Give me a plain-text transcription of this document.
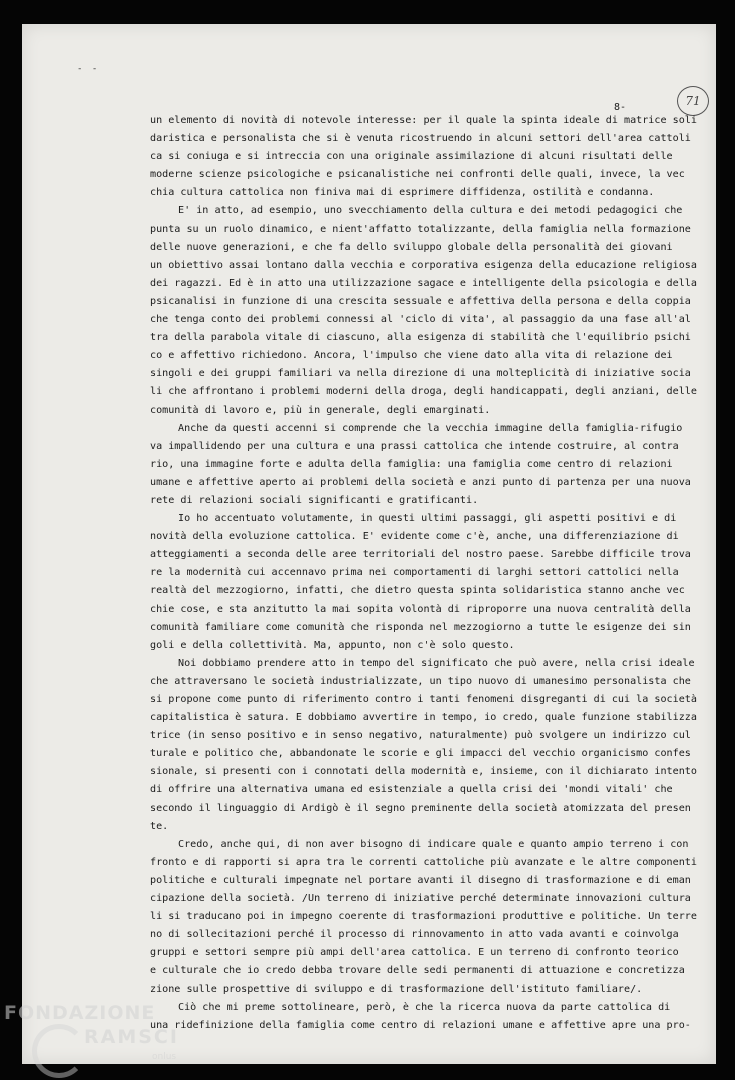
- -
71
8-
un elemento di novità di notevole interesse: per il quale la spinta ideale di matrice soli
daristica e personalista che si è venuta ricostruendo in alcuni settori dell'area cattoli
ca si coniuga e si intreccia con una originale assimilazione di alcuni risultati delle
moderne scienze psicologiche e psicanalistiche nei confronti delle quali, invece, la vec
chia cultura cattolica non finiva mai di esprimere diffidenza, ostilità e condanna.
E' in atto, ad esempio, uno svecchiamento della cultura e dei metodi pedagogici che
punta su un ruolo dinamico, e nient'affatto totalizzante, della famiglia nella formazione
delle nuove generazioni, e che fa dello sviluppo globale della personalità dei giovani
un obiettivo assai lontano dalla vecchia e corporativa esigenza della educazione religiosa
dei ragazzi. Ed è in atto una utilizzazione sagace e intelligente della psicologia e della
psicanalisi in funzione di una crescita sessuale e affettiva della persona e della coppia
che tenga conto dei problemi connessi al 'ciclo di vita', al passaggio da una fase all'al
tra della parabola vitale di ciascuno, alla esigenza di stabilità che l'equilibrio psichi
co e affettivo richiedono. Ancora, l'impulso che viene dato alla vita di relazione dei
singoli e dei gruppi familiari va nella direzione di una molteplicità di iniziative socia
li che affrontano i problemi moderni della droga, degli handicappati, degli anziani, delle
comunità di lavoro e, più in generale, degli emarginati.
Anche da questi accenni si comprende che la vecchia immagine della famiglia-rifugio
va impallidendo per una cultura e una prassi cattolica che intende costruire, al contra
rio, una immagine forte e adulta della famiglia: una famiglia come centro di relazioni
umane e affettive aperto ai problemi della società e anzi punto di partenza per una nuova
rete di relazioni sociali significanti e gratificanti.
Io ho accentuato volutamente, in questi ultimi passaggi, gli aspetti positivi e di
novità della evoluzione cattolica. E' evidente come c'è, anche, una differenziazione di
atteggiamenti a seconda delle aree territoriali del nostro paese. Sarebbe difficile trova
re la modernità cui accennavo prima nei comportamenti di larghi settori cattolici nella
realtà del mezzogiorno, infatti, che dietro questa spinta solidaristica stanno anche vec
chie cose, e sta anzitutto la mai sopita volontà di riproporre una nuova centralità della
comunità familiare come comunità che risponda nel mezzogiorno a tutte le esigenze dei sin
goli e della collettività. Ma, appunto, non c'è solo questo.
Noi dobbiamo prendere atto in tempo del significato che può avere, nella crisi ideale
che attraversano le società industrializzate, un tipo nuovo di umanesimo personalista che
si propone come punto di riferimento contro i tanti fenomeni disgreganti di cui la società
capitalistica è satura. E dobbiamo avvertire in tempo, io credo, quale funzione stabilizza
trice (in senso positivo e in senso negativo, naturalmente) può svolgere un indirizzo cul
turale e politico che, abbandonate le scorie e gli impacci del vecchio organicismo confes
sionale, si presenti con i connotati della modernità e, insieme, con il dichiarato intento
di offrire una alternativa umana ed esistenziale a quella crisi dei 'mondi vitali' che
secondo il linguaggio di Ardigò è il segno preminente della società atomizzata del presen
te.
Credo, anche qui, di non aver bisogno di indicare quale e quanto ampio terreno i con
fronto e di rapporti si apra tra le correnti cattoliche più avanzate e le altre componenti
politiche e culturali impegnate nel portare avanti il disegno di trasformazione e di eman
cipazione della società. /Un terreno di iniziative perché determinate innovazioni cultura
li si traducano poi in impegno coerente di trasformazioni produttive e politiche. Un terre
no di sollecitazioni perché il processo di rinnovamento in atto vada avanti e coinvolga
gruppi e settori sempre più ampi dell'area cattolica. E un terreno di confronto teorico
e culturale che io credo debba trovare delle sedi permanenti di attuazione e concretizza
zione sulle prospettive di sviluppo e di trasformazione dell'istituto familiare/.
Ciò che mi preme sottolineare, però, è che la ricerca nuova da parte cattolica di
una ridefinizione della famiglia come centro di relazioni umane e affettive apre una pro-
FONDAZIONE
RAMSCI
onlus
